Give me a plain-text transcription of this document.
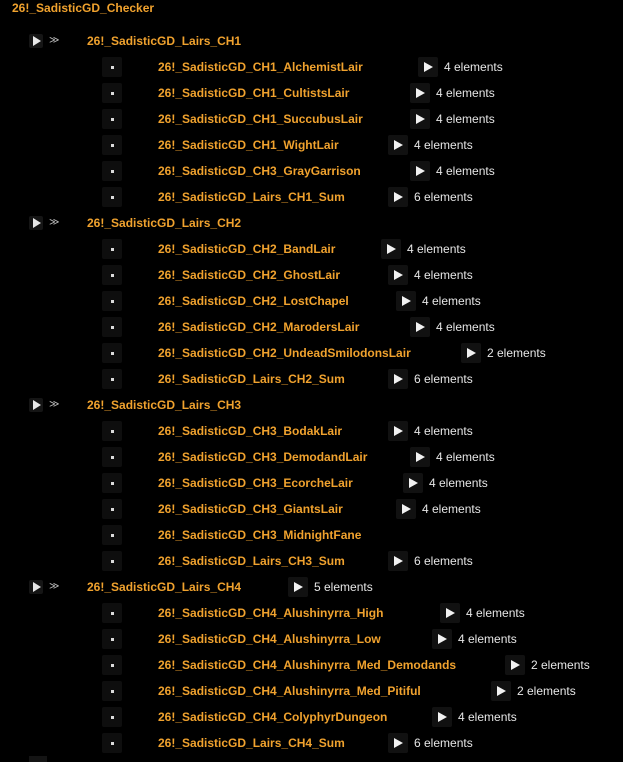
26!_SadisticGD_Checker
≫ 26!_SadisticGD_Lairs_CH1
26!_SadisticGD_CH1_AlchemistLair	4 elements
26!_SadisticGD_CH1_CultistsLair	4 elements
26!_SadisticGD_CH1_SuccubusLair	4 elements
26!_SadisticGD_CH1_WightLair	4 elements
26!_SadisticGD_CH3_GrayGarrison	4 elements
26!_SadisticGD_Lairs_CH1_Sum	6 elements
≫ 26!_SadisticGD_Lairs_CH2
26!_SadisticGD_CH2_BandLair	4 elements
26!_SadisticGD_CH2_GhostLair	4 elements
26!_SadisticGD_CH2_LostChapel	4 elements
26!_SadisticGD_CH2_MarodersLair	4 elements
26!_SadisticGD_CH2_UndeadSmilodonsLair	2 elements
26!_SadisticGD_Lairs_CH2_Sum	6 elements
≫ 26!_SadisticGD_Lairs_CH3
26!_SadisticGD_CH3_BodakLair	4 elements
26!_SadisticGD_CH3_DemodandLair	4 elements
26!_SadisticGD_CH3_EcorcheLair	4 elements
26!_SadisticGD_CH3_GiantsLair	4 elements
26!_SadisticGD_CH3_MidnightFane
26!_SadisticGD_Lairs_CH3_Sum	6 elements
≫ 26!_SadisticGD_Lairs_CH4	5 elements
26!_SadisticGD_CH4_Alushinyrra_High	4 elements
26!_SadisticGD_CH4_Alushinyrra_Low	4 elements
26!_SadisticGD_CH4_Alushinyrra_Med_Demodands	2 elements
26!_SadisticGD_CH4_Alushinyrra_Med_Pitiful	2 elements
26!_SadisticGD_CH4_ColyphyrDungeon	4 elements
26!_SadisticGD_Lairs_CH4_Sum	6 elements
